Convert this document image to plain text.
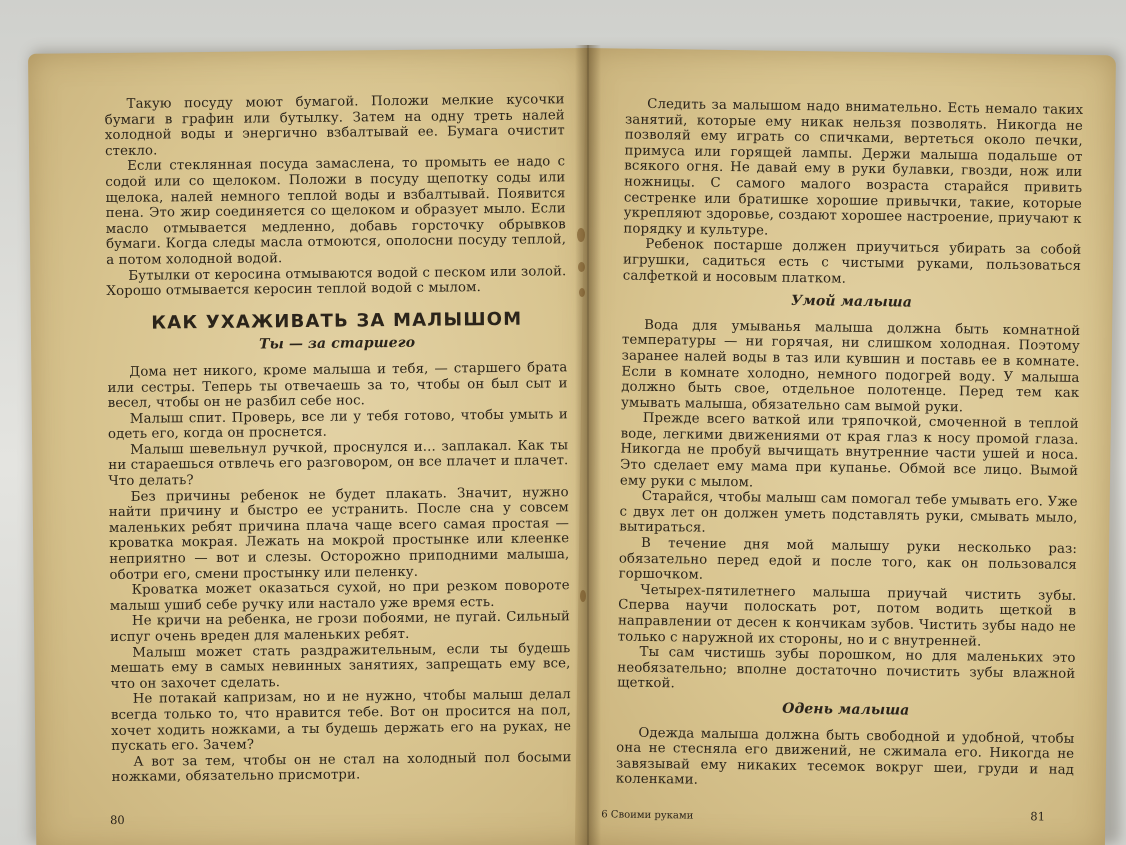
Такую посуду моют бумагой. Положи мелкие кусочки бумаги в графин или бутылку. Затем на одну треть налей холодной воды и энергично взбалтывай ее. Бумага очистит стекло.

Если стеклянная посуда замаслена, то промыть ее надо с содой или со щелоком. Положи в посуду щепотку соды или щелока, налей немного теплой воды и взбалтывай. Появится пена. Это жир соединяется со щелоком и образует мыло. Если масло отмывается медленно, добавь горсточку обрывков бумаги. Когда следы масла отмоются, ополосни посуду теплой, а потом холодной водой.

Бутылки от керосина отмываются водой с песком или золой. Хорошо отмывается керосин теплой водой с мылом.

КАК УХАЖИВАТЬ ЗА МАЛЫШОМ
Ты — за старшего

Дома нет никого, кроме малыша и тебя, — старшего брата или сестры. Теперь ты отвечаешь за то, чтобы он был сыт и весел, чтобы он не разбил себе нос.

Малыш спит. Проверь, все ли у тебя готово, чтобы умыть и одеть его, когда он проснется.

Малыш шевельнул ручкой, проснулся и... заплакал. Как ты ни стараешься отвлечь его разговором, он все плачет и плачет. Что делать?

Без причины ребенок не будет плакать. Значит, нужно найти причину и быстро ее устранить. После сна у совсем маленьких ребят причина плача чаще всего самая простая — кроватка мокрая. Лежать на мокрой простынке или клеенке неприятно — вот и слезы. Осторожно приподними малыша, оботри его, смени простынку или пеленку.

Кроватка может оказаться сухой, но при резком повороте малыш ушиб себе ручку или настало уже время есть.

Не кричи на ребенка, не грози побоями, не пугай. Сильный испуг очень вреден для маленьких ребят.

Малыш может стать раздражительным, если ты будешь мешать ему в самых невинных занятиях, запрещать ему все, что он захочет сделать.

Не потакай капризам, но и не нужно, чтобы малыш делал всегда только то, что нравится тебе. Вот он просится на пол, хочет ходить ножками, а ты будешь держать его на руках, не пускать его. Зачем?

А вот за тем, чтобы он не стал на холодный пол босыми ножками, обязательно присмотри.

80

Следить за малышом надо внимательно. Есть немало таких занятий, которые ему никак нельзя позволять. Никогда не позволяй ему играть со спичками, вертеться около печки, примуса или горящей лампы. Держи малыша подальше от всякого огня. Не давай ему в руки булавки, гвозди, нож или ножницы. С самого малого возраста старайся привить сестренке или братишке хорошие привычки, такие, которые укрепляют здоровье, создают хорошее настроение, приучают к порядку и культуре.

Ребенок постарше должен приучиться убирать за собой игрушки, садиться есть с чистыми руками, пользоваться салфеткой и носовым платком.

Умой малыша

Вода для умыванья малыша должна быть комнатной температуры — ни горячая, ни слишком холодная. Поэтому заранее налей воды в таз или кувшин и поставь ее в комнате. Если в комнате холодно, немного подогрей воду. У малыша должно быть свое, отдельное полотенце. Перед тем как умывать малыша, обязательно сам вымой руки.

Прежде всего ваткой или тряпочкой, смоченной в теплой воде, легкими движениями от края глаз к носу промой глаза. Никогда не пробуй вычищать внутренние части ушей и носа. Это сделает ему мама при купанье. Обмой все лицо. Вымой ему руки с мылом.

Старайся, чтобы малыш сам помогал тебе умывать его. Уже с двух лет он должен уметь подставлять руки, смывать мыло, вытираться.

В течение дня мой малышу руки несколько раз: обязательно перед едой и после того, как он пользовался горшочком.

Четырех-пятилетнего малыша приучай чистить зубы. Сперва научи полоскать рот, потом водить щеткой в направлении от десен к кончикам зубов. Чистить зубы надо не только с наружной их стороны, но и с внутренней.

Ты сам чистишь зубы порошком, но для маленьких это необязательно; вполне достаточно почистить зубы влажной щеткой.

Одень малыша

Одежда малыша должна быть свободной и удобной, чтобы она не стесняла его движений, не сжимала его. Никогда не завязывай ему никаких тесемок вокруг шеи, груди и над коленками.

6 Своими руками	81
